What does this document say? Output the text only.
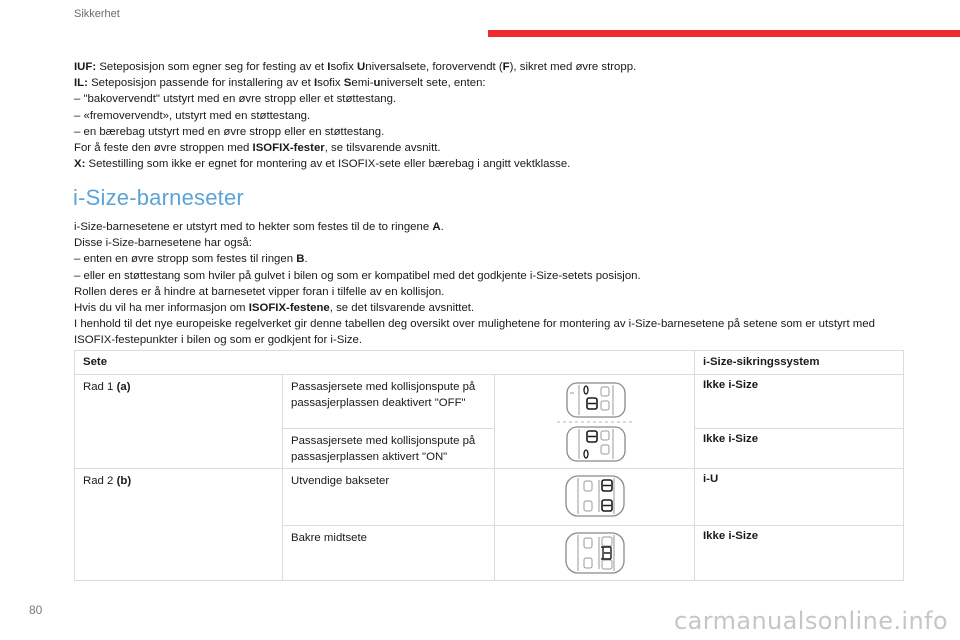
Sikkerhet

IUF: Seteposisjon som egner seg for festing av et Isofix Universalsete, forovervendt (F), sikret med øvre stropp.

IL: Seteposisjon passende for installering av et Isofix Semi-universelt sete, enten:

– "bakovervendt" utstyrt med en øvre stropp eller et støttestang.

– «fremovervendt», utstyrt med en støttestang.

– en bærebag utstyrt med en øvre stropp eller en støttestang.

For å feste den øvre stroppen med ISOFIX-fester, se tilsvarende avsnitt.

X: Setestilling som ikke er egnet for montering av et ISOFIX-sete eller bærebag i angitt vektklasse.

i-Size-barneseter

i-Size-barnesetene er utstyrt med to hekter som festes til de to ringene A.

Disse i-Size-barnesetene har også:

– enten en øvre stropp som festes til ringen B.

– eller en støttestang som hviler på gulvet i bilen og som er kompatibel med det godkjente i-Size-setets posisjon.

Rollen deres er å hindre at barnesetet vipper foran i tilfelle av en kollisjon.

Hvis du vil ha mer informasjon om ISOFIX-festene, se det tilsvarende avsnittet.

I henhold til det nye europeiske regelverket gir denne tabellen deg oversikt over mulighetene for montering av i-Size-barnesetene på setene som er utstyrt med ISOFIX-festepunkter i bilen og som er godkjent for i-Size.

Sete			i-Size-sikringssystem
Rad 1 (a)	Passasjersete med kollisjonspute på passasjerplassen deaktivert "OFF"		Ikke i-Size
	Passasjersete med kollisjonspute på passasjerplassen aktivert "ON"		Ikke i-Size
Rad 2 (b)	Utvendige bakseter		i-U
	Bakre midtsete		Ikke i-Size
80	carmanualsonline.info
